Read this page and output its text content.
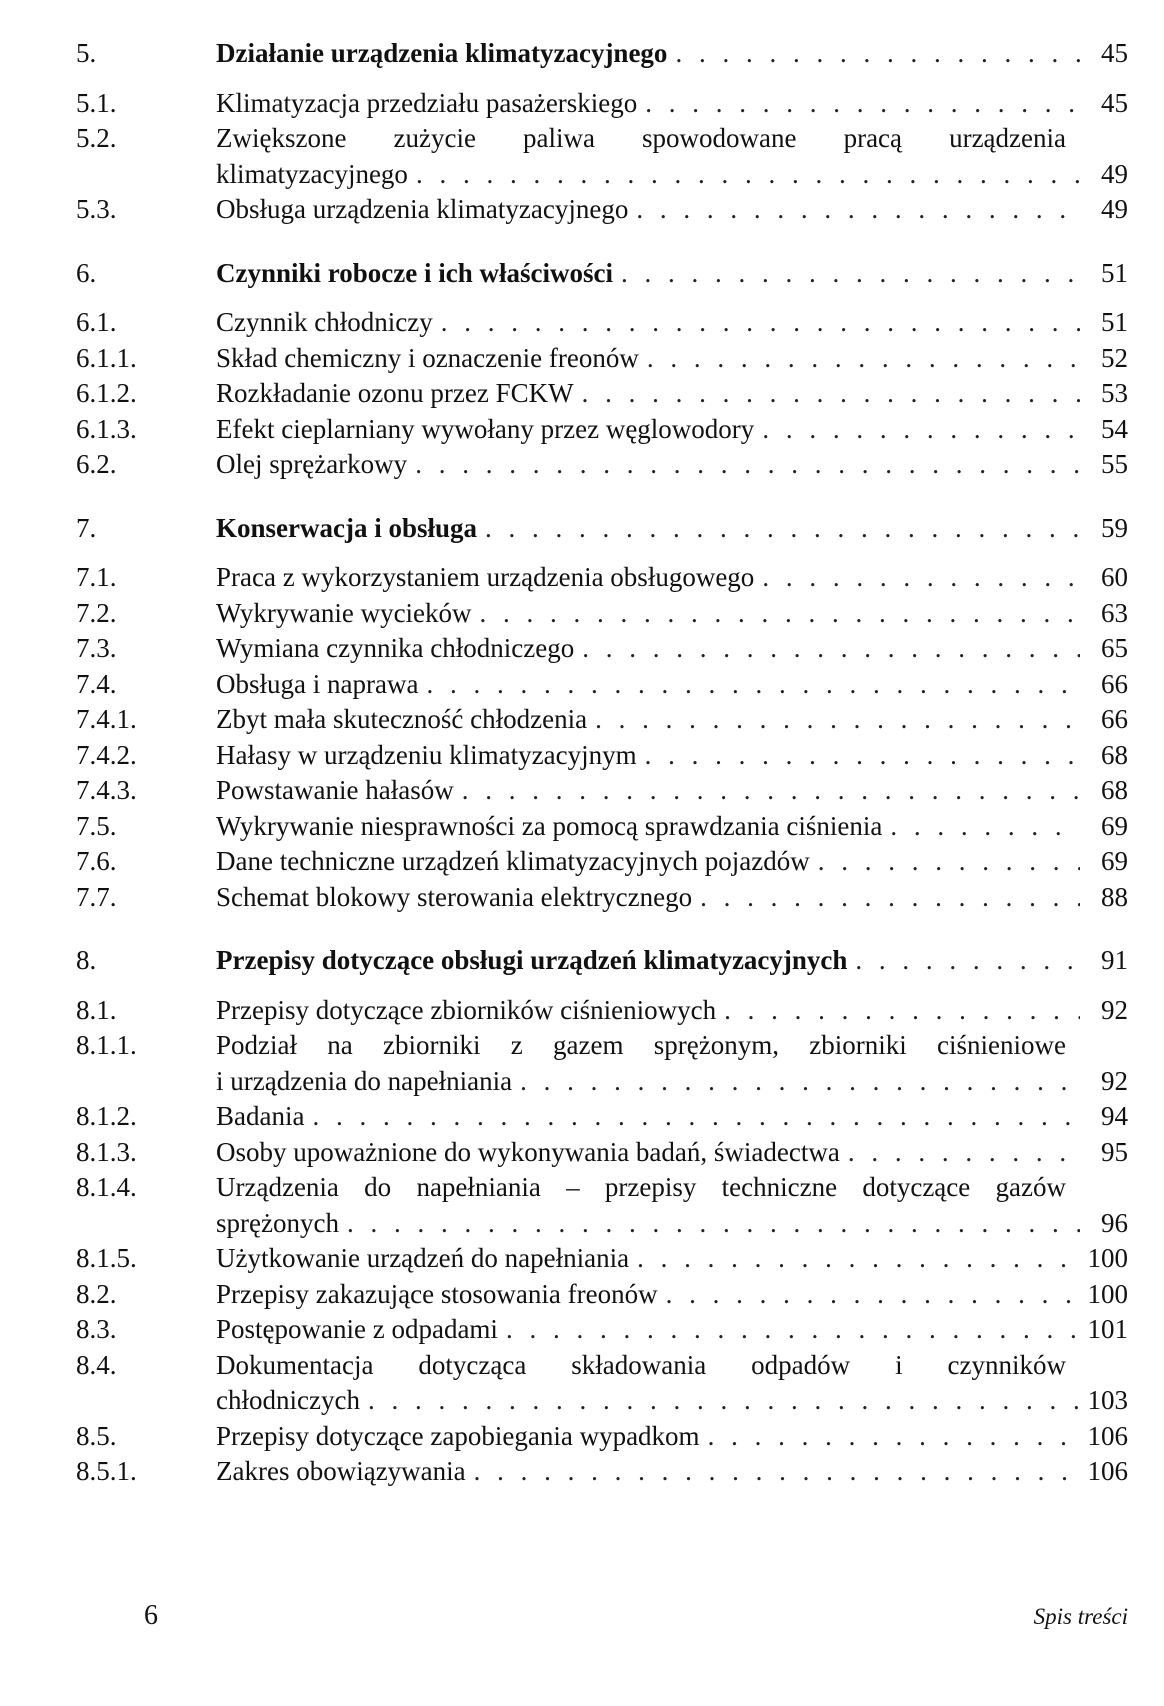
5.	Działanie urządzenia klimatyzacyjnego . . .	45
5.1.	Klimatyzacja przedziału pasażerskiego . . .	45
5.2.	Zwiększone zużycie paliwa spowodowane pracą urządzenia
klimatyzacyjnego . . .	49
5.3.	Obsługa urządzenia klimatyzacyjnego . . .	49
6.	Czynniki robocze i ich właściwości . . .	51
6.1.	Czynnik chłodniczy . . .	51
6.1.1.	Skład chemiczny i oznaczenie freonów . . .	52
6.1.2.	Rozkładanie ozonu przez FCKW . . .	53
6.1.3.	Efekt cieplarniany wywołany przez węglowodory . . .	54
6.2.	Olej sprężarkowy . . .	55
7.	Konserwacja i obsługa . . .	59
7.1.	Praca z wykorzystaniem urządzenia obsługowego . . .	60
7.2.	Wykrywanie wycieków . . .	63
7.3.	Wymiana czynnika chłodniczego . . .	65
7.4.	Obsługa i naprawa . . .	66
7.4.1.	Zbyt mała skuteczność chłodzenia . . .	66
7.4.2.	Hałasy w urządzeniu klimatyzacyjnym . . .	68
7.4.3.	Powstawanie hałasów . . .	68
7.5.	Wykrywanie niesprawności za pomocą sprawdzania ciśnienia . . .	69
7.6.	Dane techniczne urządzeń klimatyzacyjnych pojazdów . . .	69
7.7.	Schemat blokowy sterowania elektrycznego . . .	88
8.	Przepisy dotyczące obsługi urządzeń klimatyzacyjnych . . .	91
8.1.	Przepisy dotyczące zbiorników ciśnieniowych . . .	92
8.1.1.	Podział na zbiorniki z gazem sprężonym, zbiorniki ciśnieniowe
i urządzenia do napełniania . . .	92
8.1.2.	Badania . . .	94
8.1.3.	Osoby upoważnione do wykonywania badań, świadectwa . . .	95
8.1.4.	Urządzenia do napełniania – przepisy techniczne dotyczące gazów
sprężonych . . .	96
8.1.5.	Użytkowanie urządzeń do napełniania . . .	100
8.2.	Przepisy zakazujące stosowania freonów . . .	100
8.3.	Postępowanie z odpadami . . .	101
8.4.	Dokumentacja dotycząca składowania odpadów i czynników
chłodniczych . . .	103
8.5.	Przepisy dotyczące zapobiegania wypadkom . . .	106
8.5.1.	Zakres obowiązywania . . .	106
6	Spis treści
